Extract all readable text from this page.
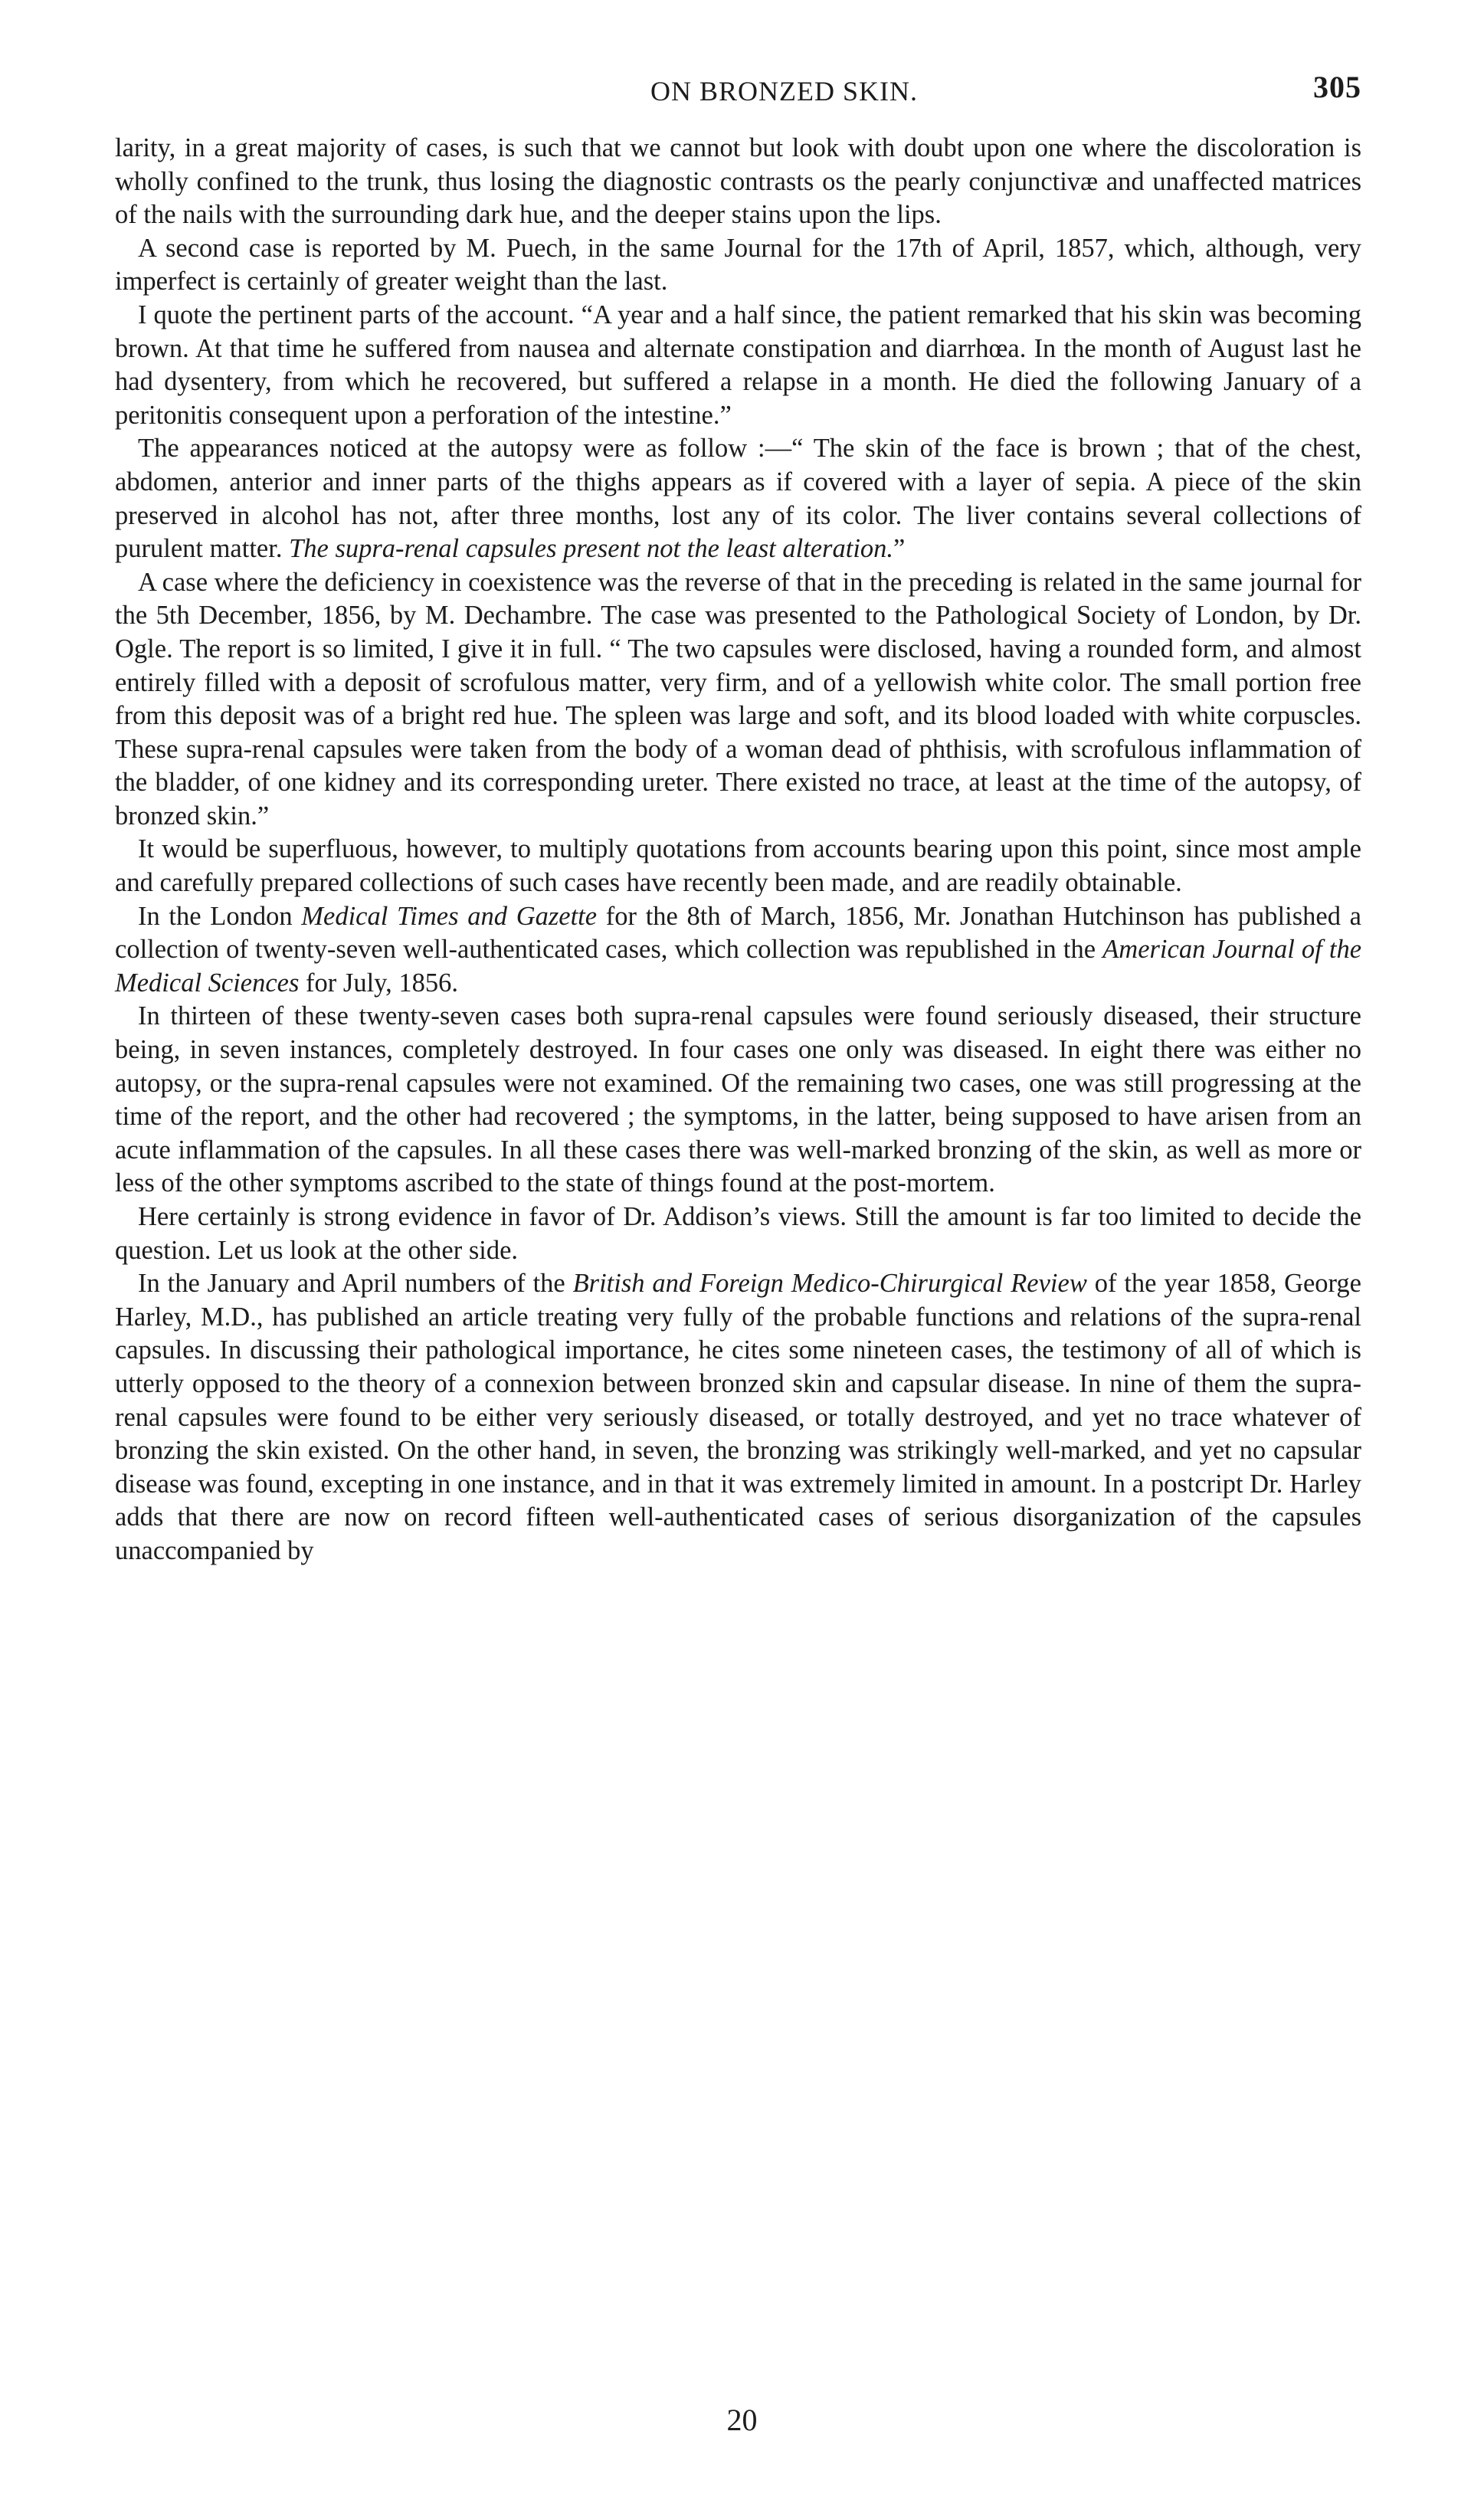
ON BRONZED SKIN.	305

larity, in a great majority of cases, is such that we cannot but look with doubt upon one where the discoloration is wholly confined to the trunk, thus losing the diagnostic contrasts os the pearly conjunctivæ and unaffected matrices of the nails with the surrounding dark hue, and the deeper stains upon the lips.

A second case is reported by M. Puech, in the same Journal for the 17th of April, 1857, which, although, very imperfect is certainly of greater weight than the last.

I quote the pertinent parts of the account. “A year and a half since, the patient remarked that his skin was becoming brown. At that time he suffered from nausea and alternate constipation and diarrhœa. In the month of August last he had dysentery, from which he recovered, but suffered a relapse in a month. He died the following January of a peritonitis consequent upon a perforation of the intestine.”

The appearances noticed at the autopsy were as follow :—“ The skin of the face is brown ; that of the chest, abdomen, anterior and inner parts of the thighs appears as if covered with a layer of sepia. A piece of the skin preserved in alcohol has not, after three months, lost any of its color. The liver contains several collections of purulent matter. The supra-renal capsules present not the least alteration.”

A case where the deficiency in coexistence was the reverse of that in the preceding is related in the same journal for the 5th December, 1856, by M. Dechambre. The case was presented to the Pathological Society of London, by Dr. Ogle. The report is so limited, I give it in full. “ The two capsules were disclosed, having a rounded form, and almost entirely filled with a deposit of scrofulous matter, very firm, and of a yellowish white color. The small portion free from this deposit was of a bright red hue. The spleen was large and soft, and its blood loaded with white corpuscles. These supra-renal capsules were taken from the body of a woman dead of phthisis, with scrofulous inflammation of the bladder, of one kidney and its corresponding ureter. There existed no trace, at least at the time of the autopsy, of bronzed skin.”

It would be superfluous, however, to multiply quotations from accounts bearing upon this point, since most ample and carefully prepared collections of such cases have recently been made, and are readily obtainable.

In the London Medical Times and Gazette for the 8th of March, 1856, Mr. Jonathan Hutchinson has published a collection of twenty-seven well-authenticated cases, which collection was republished in the American Journal of the Medical Sciences for July, 1856.

In thirteen of these twenty-seven cases both supra-renal capsules were found seriously diseased, their structure being, in seven instances, completely destroyed. In four cases one only was diseased. In eight there was either no autopsy, or the supra-renal capsules were not examined. Of the remaining two cases, one was still progressing at the time of the report, and the other had recovered ; the symptoms, in the latter, being supposed to have arisen from an acute inflammation of the capsules. In all these cases there was well-marked bronzing of the skin, as well as more or less of the other symptoms ascribed to the state of things found at the post-mortem.

Here certainly is strong evidence in favor of Dr. Addison’s views. Still the amount is far too limited to decide the question. Let us look at the other side.

In the January and April numbers of the British and Foreign Medico-Chirurgical Review of the year 1858, George Harley, M.D., has published an article treating very fully of the probable functions and relations of the supra-renal capsules. In discussing their pathological importance, he cites some nineteen cases, the testimony of all of which is utterly opposed to the theory of a connexion between bronzed skin and capsular disease. In nine of them the supra-renal capsules were found to be either very seriously diseased, or totally destroyed, and yet no trace whatever of bronzing the skin existed. On the other hand, in seven, the bronzing was strikingly well-marked, and yet no capsular disease was found, excepting in one instance, and in that it was extremely limited in amount. In a postcript Dr. Harley adds that there are now on record fifteen well-authenticated cases of serious disorganization of the capsules unaccompanied by

20
